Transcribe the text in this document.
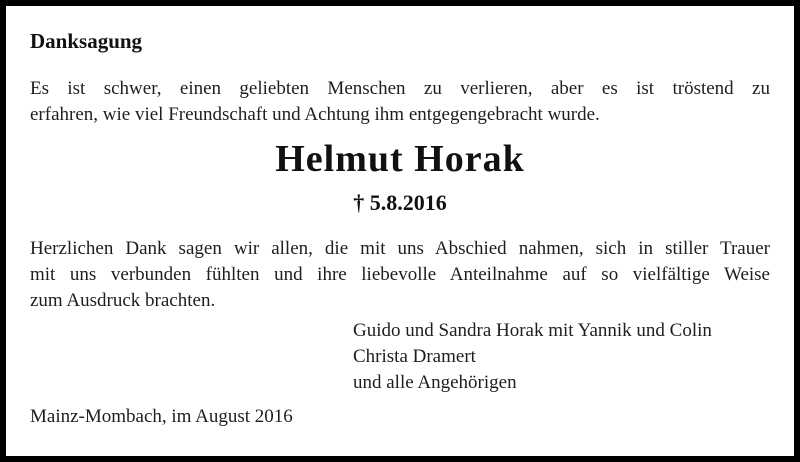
Danksagung
Es ist schwer, einen geliebten Menschen zu verlieren, aber es ist tröstend zu
erfahren, wie viel Freundschaft und Achtung ihm entgegengebracht wurde.
Helmut Horak
† 5.8.2016
Herzlichen Dank sagen wir allen, die mit uns Abschied nahmen, sich in stiller Trauer
mit uns verbunden fühlten und ihre liebevolle Anteilnahme auf so vielfältige Weise
zum Ausdruck brachten.
Guido und Sandra Horak mit Yannik und Colin
Christa Dramert
und alle Angehörigen
Mainz-Mombach, im August 2016
